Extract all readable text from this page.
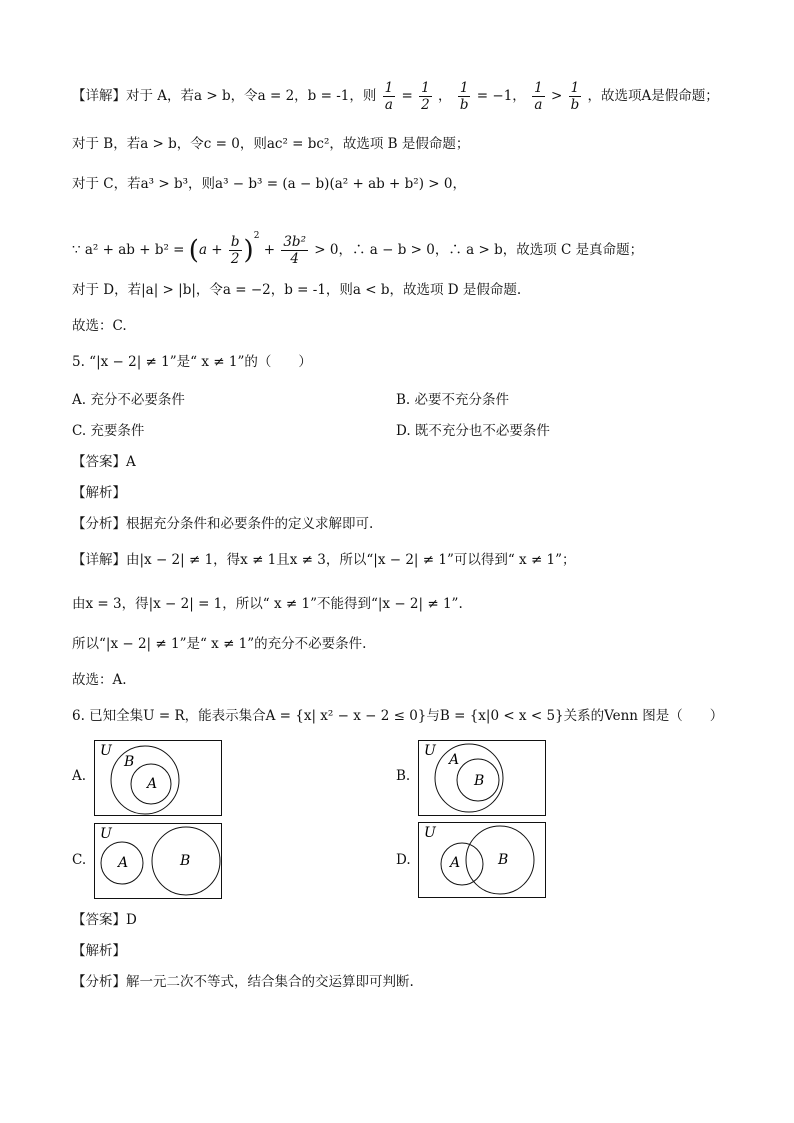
【详解】对于 A，若a > b，令a = 2，b = -1，则 $\frac{1}{a} = \frac{1}{2}$ ， $\frac{1}{b} = -1$， $\frac{1}{a} > \frac{1}{b}$ ，故选项A是假命题；
对于 B，若a > b，令c = 0，则ac² = bc²，故选项 B 是假命题；
对于 C，若a³ > b³，则a³ − b³ = (a − b)(a² + ab + b²) > 0，
∵ a² + ab + $b^2 = (a + \frac{b}{2} )^2 + \frac{\text{3b²}}{4} > 0$，∴ a − b > 0，∴ a > b，故选项 C 是真命题；
对于 D，若|a| > |b|，令a = −2，b = -1，则a < b，故选项 D 是假命题.
故选：C.
5. “|x − 2| ≠ 1”是“ x ≠ 1”的（　　）
A. 充分不必要条件	B. 必要不充分条件
C. 充要条件	D. 既不充分也不必要条件
【答案】A
【解析】
【分析】根据充分条件和必要条件的定义求解即可.
【详解】由|x − 2| ≠ 1，得x ≠ 1且x ≠ 3，所以“|x − 2| ≠ 1”可以得到“ x ≠ 1”；
由x = 3，得|x − 2| = 1，所以“ x ≠ 1”不能得到“|x − 2| ≠ 1”.
所以“|x − 2| ≠ 1”是“ x ≠ 1”的充分不必要条件.
故选：A.
6. 已知全集U = R，能表示集合A = {x| x² − x − 2 ≤ 0}与B = {x|0 < x < 5}关系的Venn 图是（　　）
A.
U
B
A	B.
U
A
B
C.
U
A	B	D.
U
A	B
【答案】D
【解析】
【分析】解一元二次不等式，结合集合的交运算即可判断.
